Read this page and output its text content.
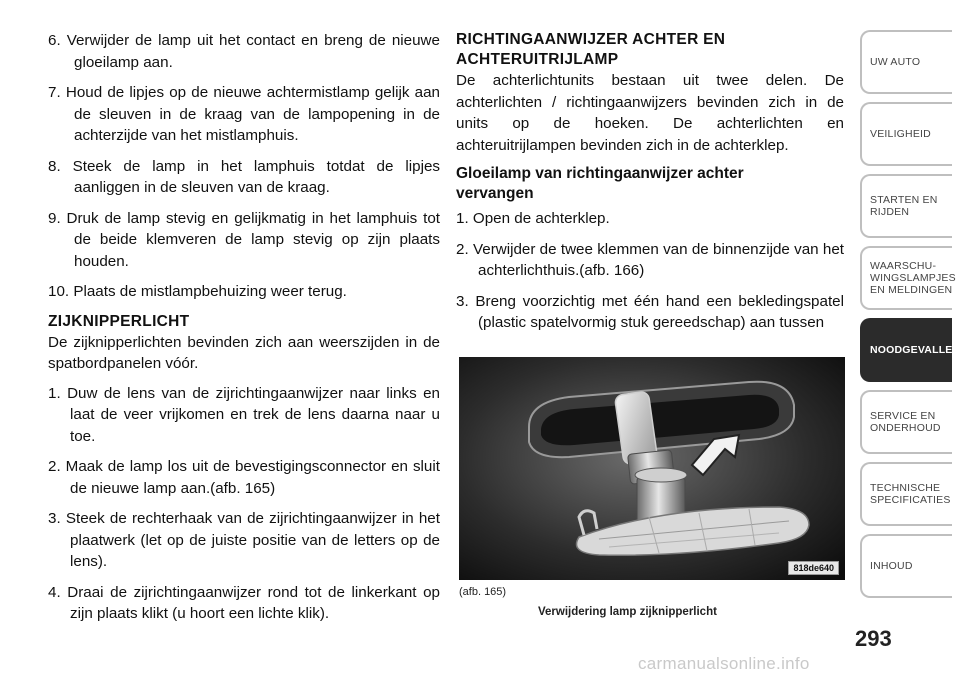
6. Verwijder de lamp uit het contact en breng de nieuwe gloeilamp aan.
7. Houd de lipjes op de nieuwe achtermistlamp gelijk aan de sleuven in de kraag van de lampopening in de achterzijde van het mistlamphuis.
8. Steek de lamp in het lamphuis totdat de lipjes aanliggen in de sleuven van de kraag.
9. Druk de lamp stevig en gelijkmatig in het lamphuis tot de beide klemveren de lamp stevig op zijn plaats houden.
10. Plaats de mistlampbehuizing weer terug.
ZIJKNIPPERLICHT

De zijknipperlichten bevinden zich aan weerszijden in de spatbordpanelen vóór.

1. Duw de lens van de zijrichtingaanwijzer naar links en laat de veer vrijkomen en trek de lens daarna naar u toe.
2. Maak de lamp los uit de bevestigingsconnector en sluit de nieuwe lamp aan.(afb. 165)
3. Steek de rechterhaak van de zijrichtingaanwijzer in het plaatwerk (let op de juiste positie van de letters op de lens).
4. Draai de zijrichtingaanwijzer rond tot de linkerkant op zijn plaats klikt (u hoort een lichte klik).
RICHTINGAANWIJZER ACHTER EN
ACHTERUITRIJLAMP

De achterlichtunits bestaan uit twee delen. De achterlichten / richtingaanwijzers bevinden zich in de units op de hoeken. De achterlichten en achteruitrijlampen bevinden zich in de achterklep.

Gloeilamp van richtingaanwijzer achter
vervangen
1. Open de achterklep.
2. Verwijder de twee klemmen van de binnenzijde van het achterlichthuis.(afb. 166)
3. Breng voorzichtig met één hand een bekledingspatel (plastic spatelvormig stuk gereedschap) aan tussen
818de640
(afb. 165)
Verwijdering lamp zijknipperlicht
UW AUTO
VEILIGHEID
STARTEN EN
RIJDEN
WAARSCHU-
WINGSLAMPJES
EN MELDINGEN
NOODGEVALLEN
SERVICE EN
ONDERHOUD
TECHNISCHE
SPECIFICATIES
INHOUD
293
carmanualsonline.info
